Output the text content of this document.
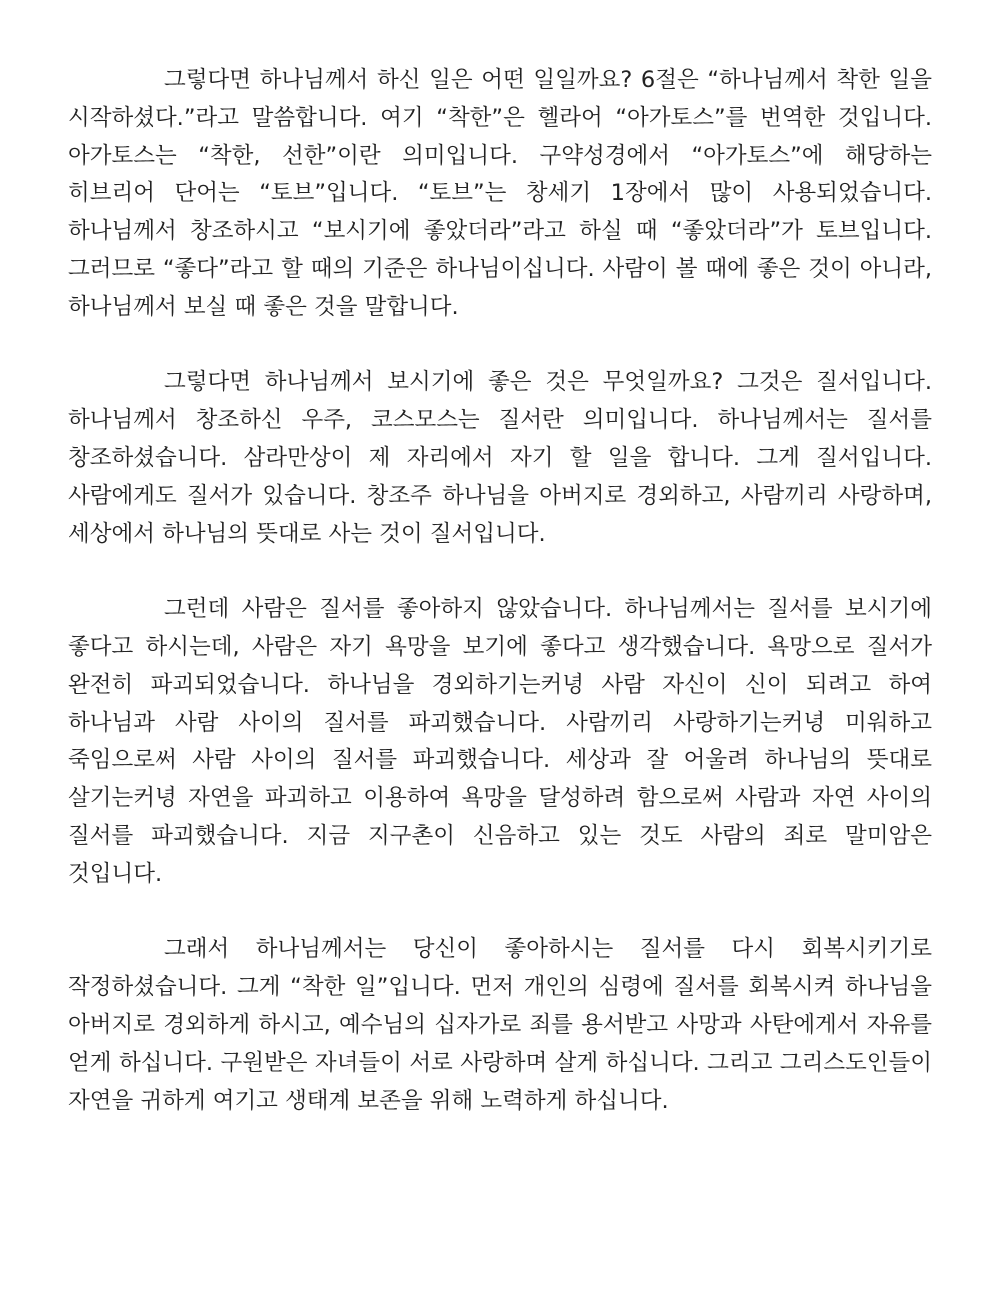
그렇다면 하나님께서 하신 일은 어떤 일일까요? 6절은 “하나님께서 착한 일을 시작하셨다.”라고 말씀합니다. 여기 “착한”은 헬라어 “아가토스”를 번역한 것입니다. 아가토스는 “착한, 선한”이란 의미입니다. 구약성경에서 “아가토스”에 해당하는 히브리어 단어는 “토브”입니다. “토브”는 창세기 1장에서 많이 사용되었습니다. 하나님께서 창조하시고 “보시기에 좋았더라”라고 하실 때 “좋았더라”가 토브입니다. 그러므로 “좋다”라고 할 때의 기준은 하나님이십니다. 사람이 볼 때에 좋은 것이 아니라, 하나님께서 보실 때 좋은 것을 말합니다.

그렇다면 하나님께서 보시기에 좋은 것은 무엇일까요? 그것은 질서입니다. 하나님께서 창조하신 우주, 코스모스는 질서란 의미입니다. 하나님께서는 질서를 창조하셨습니다. 삼라만상이 제 자리에서 자기 할 일을 합니다. 그게 질서입니다. 사람에게도 질서가 있습니다. 창조주 하나님을 아버지로 경외하고, 사람끼리 사랑하며, 세상에서 하나님의 뜻대로 사는 것이 질서입니다.

그런데 사람은 질서를 좋아하지 않았습니다. 하나님께서는 질서를 보시기에 좋다고 하시는데, 사람은 자기 욕망을 보기에 좋다고 생각했습니다. 욕망으로 질서가 완전히 파괴되었습니다. 하나님을 경외하기는커녕 사람 자신이 신이 되려고 하여 하나님과 사람 사이의 질서를 파괴했습니다. 사람끼리 사랑하기는커녕 미워하고 죽임으로써 사람 사이의 질서를 파괴했습니다. 세상과 잘 어울려 하나님의 뜻대로 살기는커녕 자연을 파괴하고 이용하여 욕망을 달성하려 함으로써 사람과 자연 사이의 질서를 파괴했습니다. 지금 지구촌이 신음하고 있는 것도 사람의 죄로 말미암은 것입니다.

그래서 하나님께서는 당신이 좋아하시는 질서를 다시 회복시키기로 작정하셨습니다. 그게 “착한 일”입니다. 먼저 개인의 심령에 질서를 회복시켜 하나님을 아버지로 경외하게 하시고, 예수님의 십자가로 죄를 용서받고 사망과 사탄에게서 자유를 얻게 하십니다. 구원받은 자녀들이 서로 사랑하며 살게 하십니다. 그리고 그리스도인들이 자연을 귀하게 여기고 생태계 보존을 위해 노력하게 하십니다.
